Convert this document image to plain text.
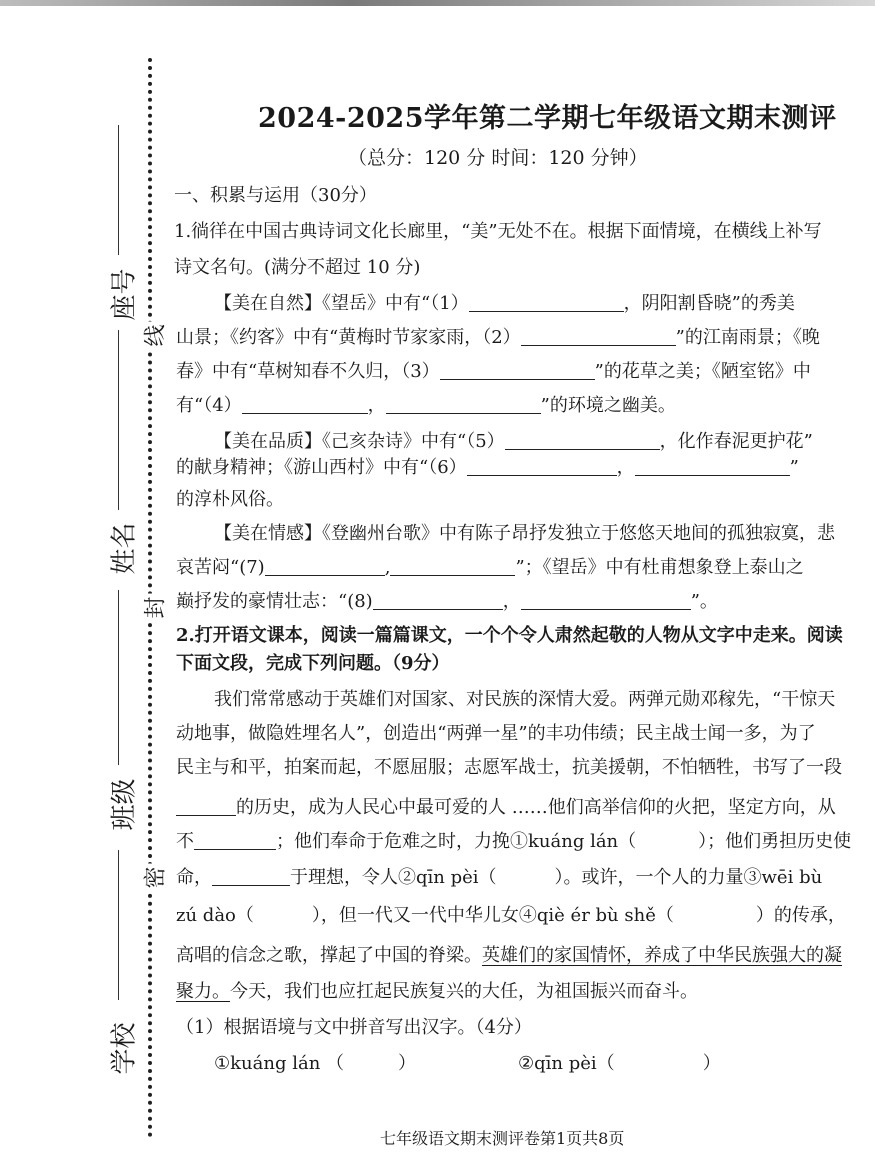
座号
姓名
班级
学校
线
封
密
2024-2025学年第二学期七年级语文期末测评
（总分：120 分 时间：120 分钟）
一、积累与运用（30分）
1.徜徉在中国古典诗词文化长廊里，“美”无处不在。根据下面情境，在横线上补写
诗文名句。(满分不超过 10 分)
【美在自然】《望岳》中有“（1）	，阴阳割昏晓”的秀美
山景；《约客》中有“黄梅时节家家雨，（2）	”的江南雨景；《晚
春》中有“草树知春不久归，（3）	”的花草之美；《陋室铭》中
有“（4）	，	”的环境之幽美。
【美在品质】《己亥杂诗》中有“（5）	，化作春泥更护花”
的献身精神；《游山西村》中有“（6）	，	”
的淳朴风俗。
【美在情感】《登幽州台歌》中有陈子昂抒发独立于悠悠天地间的孤独寂寞，悲
哀苦闷“(7)	,	”；《望岳》中有杜甫想象登上泰山之
巅抒发的豪情壮志：“(8)	，	”。
2.打开语文课本，阅读一篇篇课文，一个个令人肃然起敬的人物从文字中走来。阅读
下面文段，完成下列问题。（9分）
我们常常感动于英雄们对国家、对民族的深情大爱。两弹元勋邓稼先，“干惊天
动地事，做隐姓埋名人”，创造出“两弹一星”的丰功伟绩；民主战士闻一多，为了
民主与和平，拍案而起，不愿屈服；志愿军战士，抗美援朝，不怕牺牲，书写了一段
的历史，成为人民心中最可爱的人 ……他们高举信仰的火把，坚定方向，从
不	；他们奉命于危难之时，力挽①kuáng lán（	）；他们勇担历史使
命，	于理想，令人②qīn pèi（	）。或许，一个人的力量③wēi bù
zú dào（	），但一代又一代中华儿女④qiè ér bù shě（	）的传承，
高唱的信念之歌，撑起了中国的脊梁。英雄们的家国情怀，养成了中华民族强大的凝
聚力。今天，我们也应扛起民族复兴的大任，为祖国振兴而奋斗。
（1）根据语境与文中拼音写出汉字。（4分）
①kuáng lán （	）	②qīn pèi（	）
七年级语文期末测评卷第1页共8页
